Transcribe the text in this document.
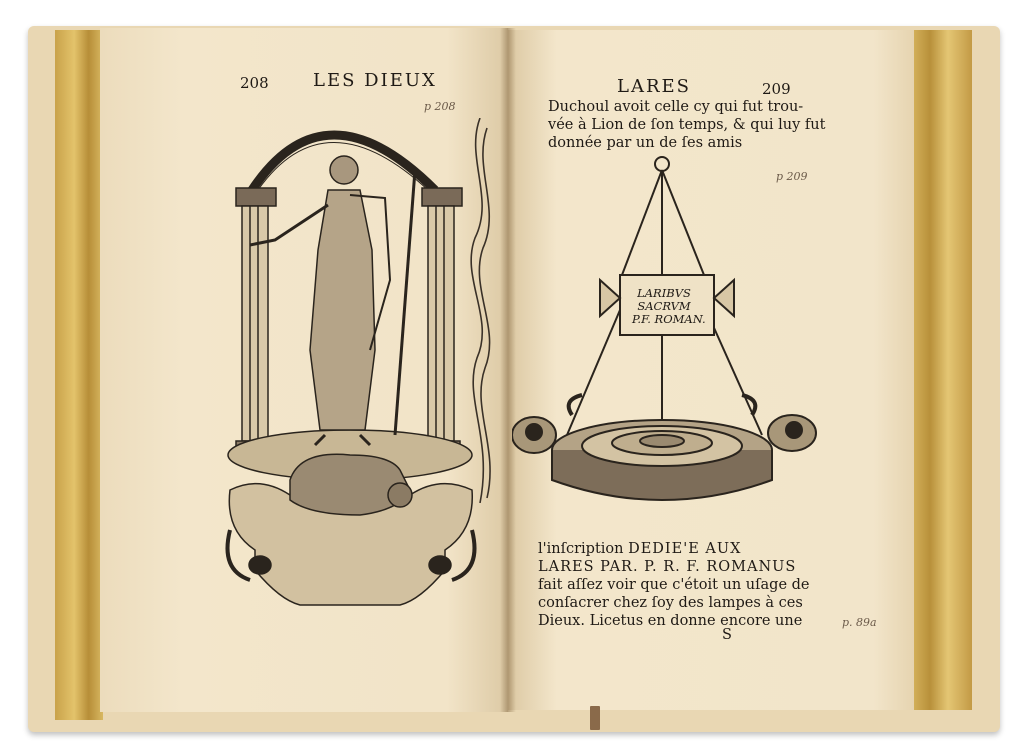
208 LES DIEUX
p 208
LARES	209
Duchoul avoit celle cy qui fut trou-
vée à Lion de ſon temps, & qui luy fut
donnée par un de ſes amis
p 209
LARIBVS
SACRVM
P.F. ROMAN.
l'inſcription DEDIE'E AUX
LARES PAR. P. R. F. ROMANUS
fait aſſez voir que c'étoit un uſage de
conſacrer chez ſoy des lampes à ces
Dieux. Licetus en donne encore une	p. 89a
S
